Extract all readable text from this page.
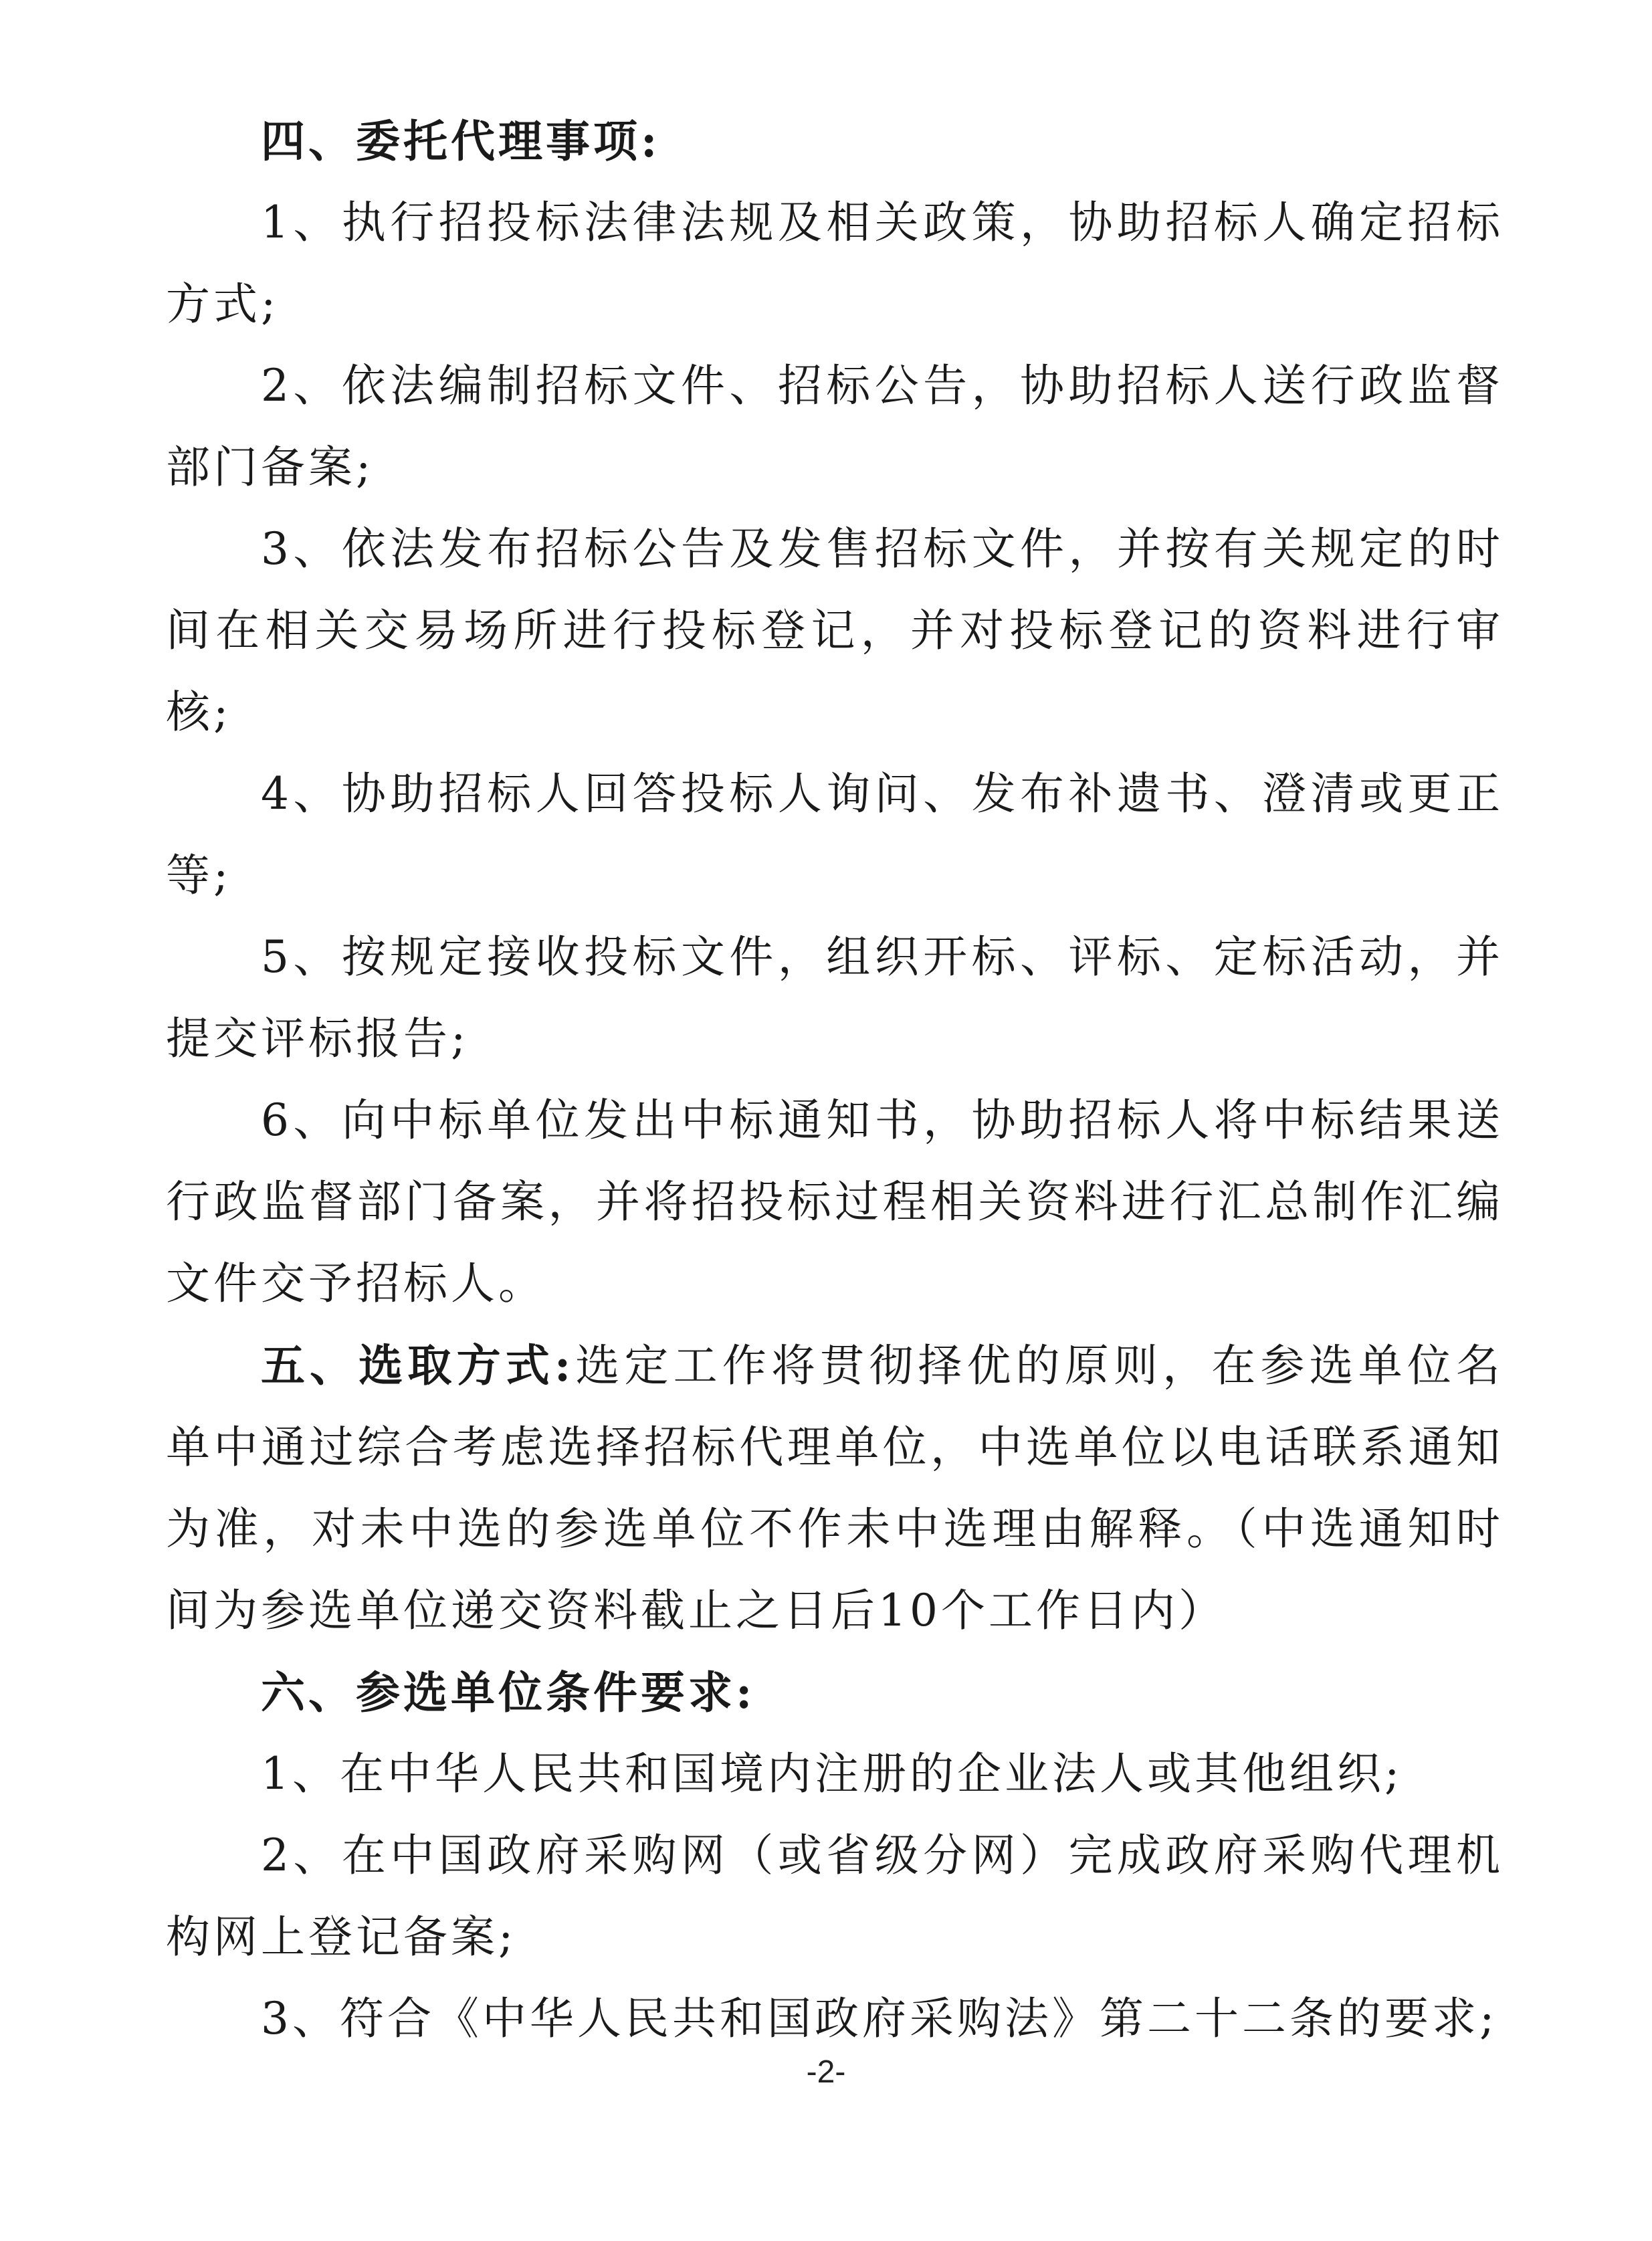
四、委托代理事项:

1、执行招投标法律法规及相关政策，协助招标人确定招标方式;

2、依法编制招标文件、招标公告，协助招标人送行政监督部门备案;

3、依法发布招标公告及发售招标文件，并按有关规定的时间在相关交易场所进行投标登记，并对投标登记的资料进行审核;

4、协助招标人回答投标人询问、发布补遗书、澄清或更正等;

5、按规定接收投标文件，组织开标、评标、定标活动，并提交评标报告;

6、向中标单位发出中标通知书，协助招标人将中标结果送行政监督部门备案，并将招投标过程相关资料进行汇总制作汇编文件交予招标人。

五、选取方式:选定工作将贯彻择优的原则，在参选单位名单中通过综合考虑选择招标代理单位，中选单位以电话联系通知为准，对未中选的参选单位不作未中选理由解释。（中选通知时间为参选单位递交资料截止之日后10个工作日内）

六、参选单位条件要求:

1、在中华人民共和国境内注册的企业法人或其他组织;

2、在中国政府采购网（或省级分网）完成政府采购代理机构网上登记备案;

3、符合《中华人民共和国政府采购法》第二十二条的要求;

-2-
